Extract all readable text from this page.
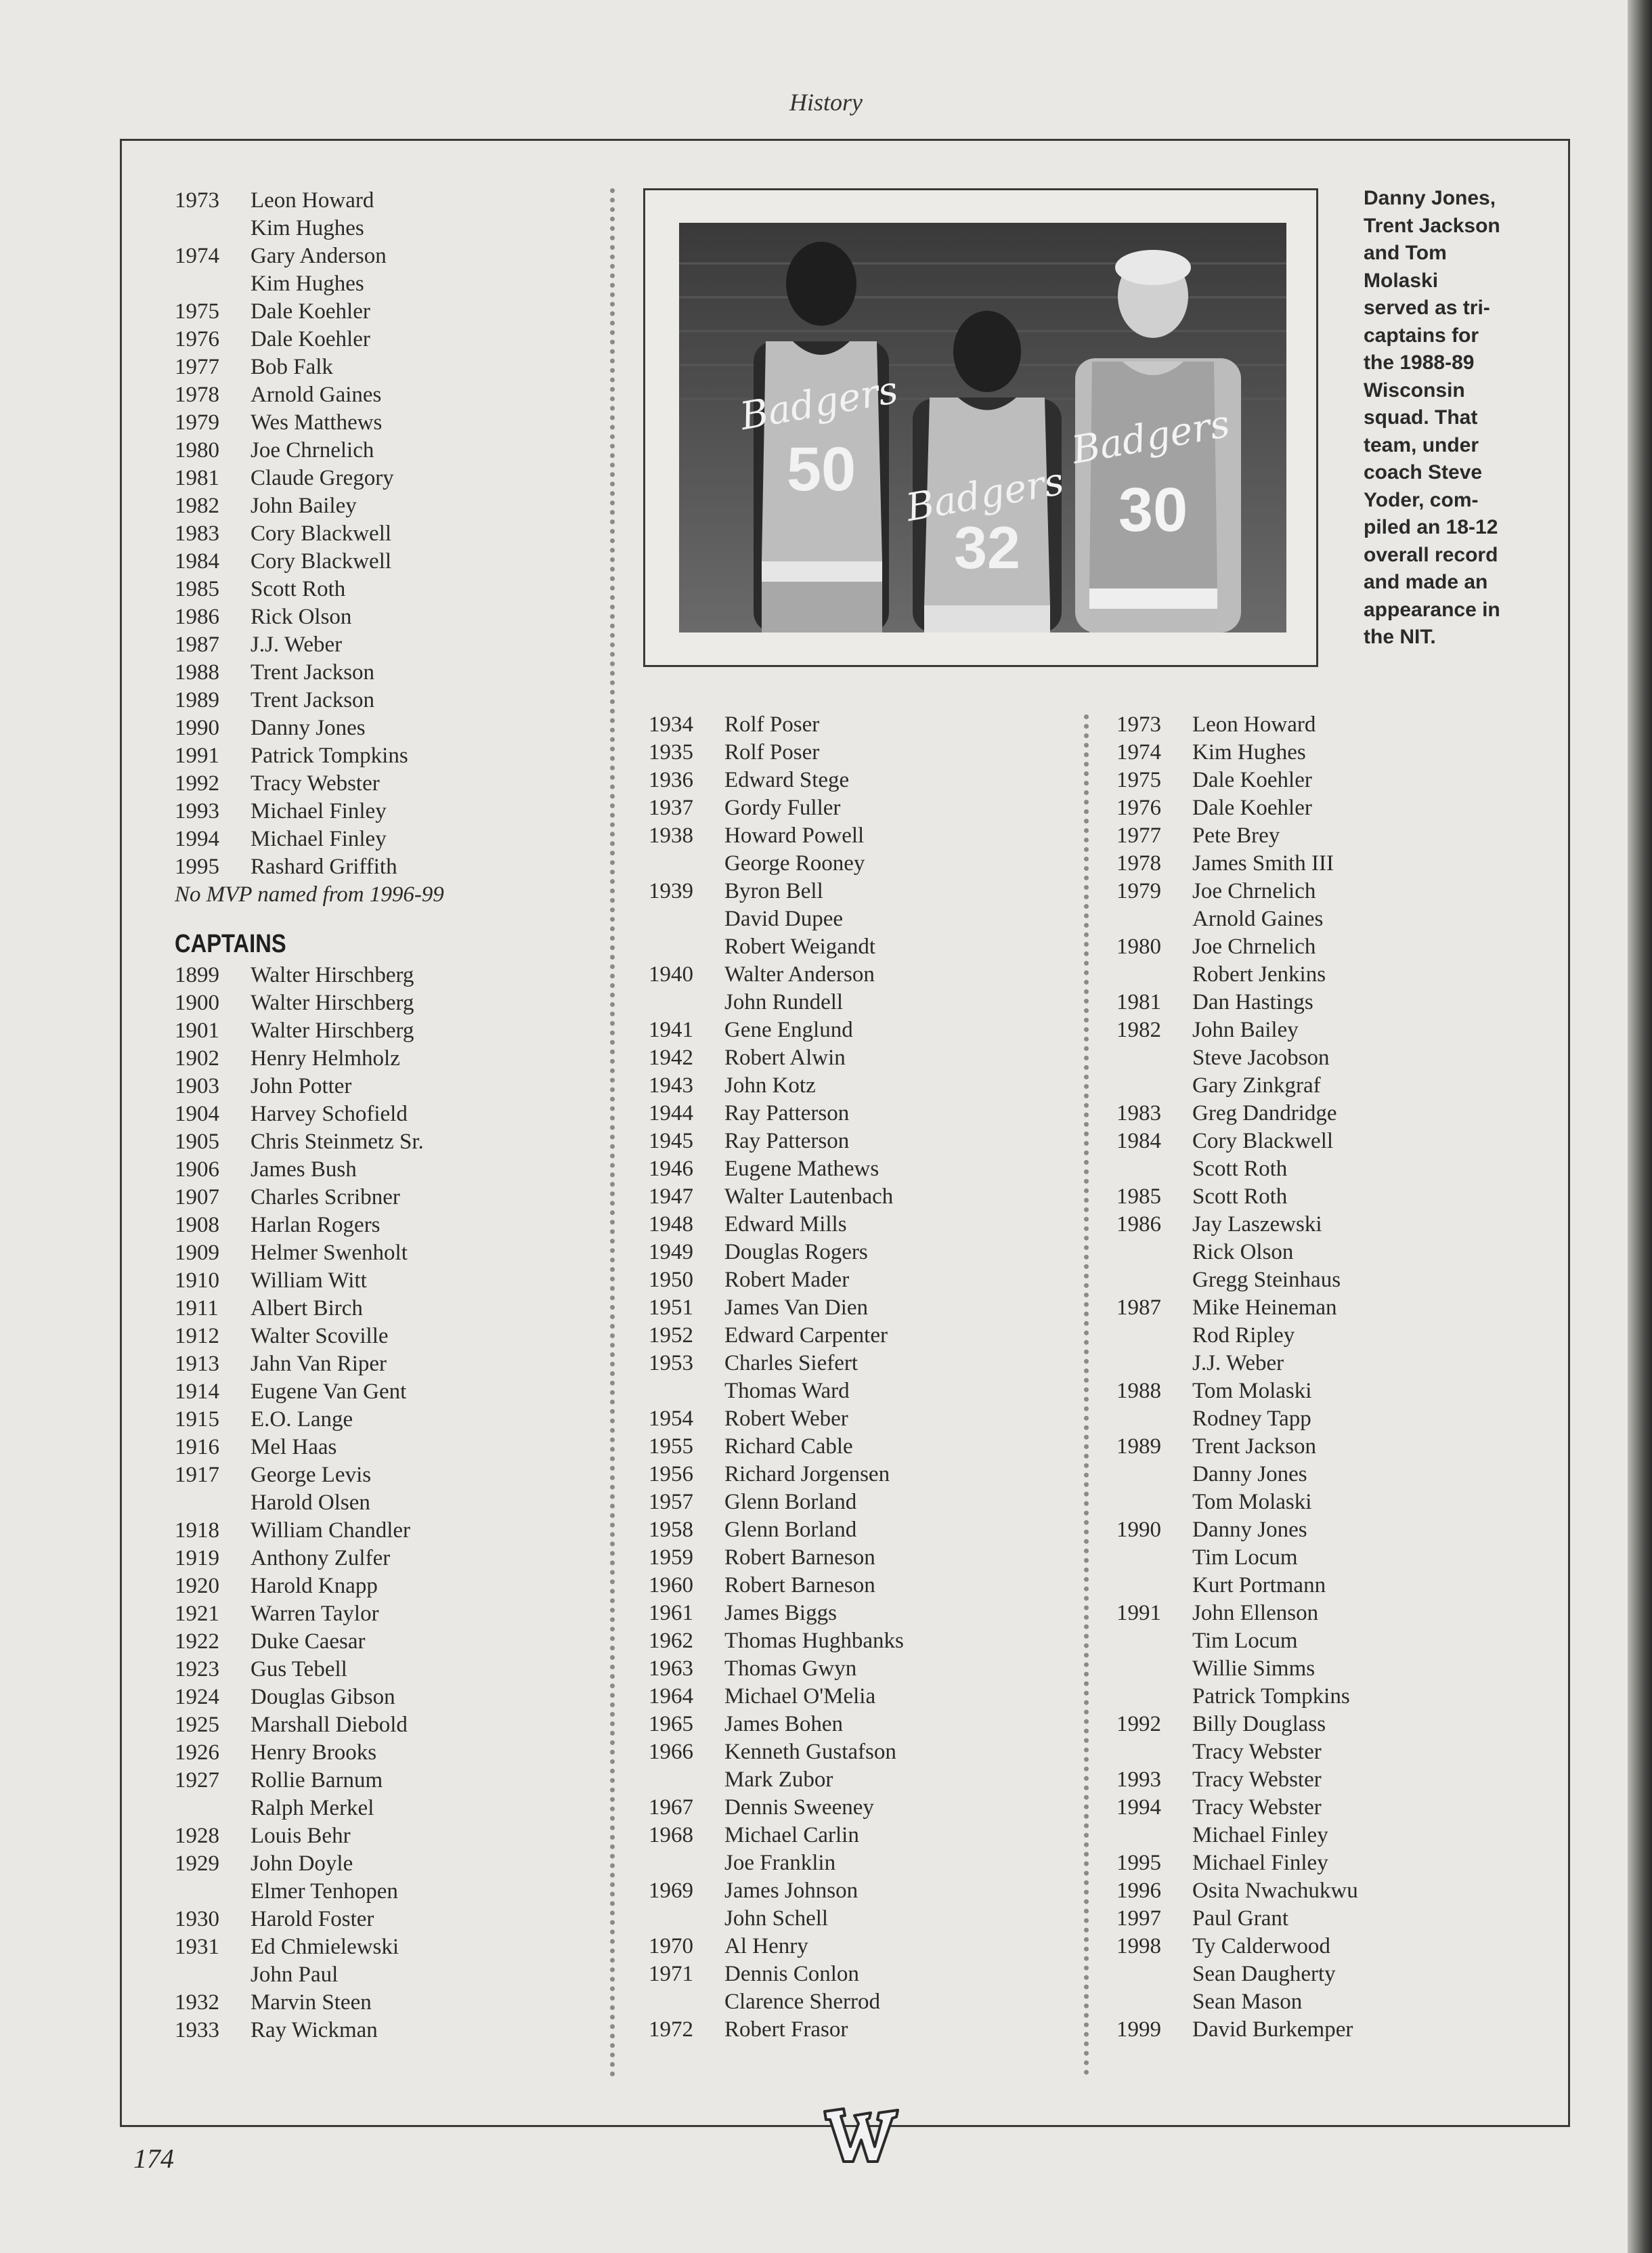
History
1973	Leon Howard
Kim Hughes
1974	Gary Anderson
Kim Hughes
1975	Dale Koehler
1976	Dale Koehler
1977	Bob Falk
1978	Arnold Gaines
1979	Wes Matthews
1980	Joe Chrnelich
1981	Claude Gregory
1982	John Bailey
1983	Cory Blackwell
1984	Cory Blackwell
1985	Scott Roth
1986	Rick Olson
1987	J.J. Weber
1988	Trent Jackson
1989	Trent Jackson
1990	Danny Jones
1991	Patrick Tompkins
1992	Tracy Webster
1993	Michael Finley
1994	Michael Finley
1995	Rashard Griffith
No MVP named from 1996-99
CAPTAINS
1899	Walter Hirschberg
1900	Walter Hirschberg
1901	Walter Hirschberg
1902	Henry Helmholz
1903	John Potter
1904	Harvey Schofield
1905	Chris Steinmetz Sr.
1906	James Bush
1907	Charles Scribner
1908	Harlan Rogers
1909	Helmer Swenholt
1910	William Witt
1911	Albert Birch
1912	Walter Scoville
1913	Jahn Van Riper
1914	Eugene Van Gent
1915	E.O. Lange
1916	Mel Haas
1917	George Levis
Harold Olsen
1918	William Chandler
1919	Anthony Zulfer
1920	Harold Knapp
1921	Warren Taylor
1922	Duke Caesar
1923	Gus Tebell
1924	Douglas Gibson
1925	Marshall Diebold
1926	Henry Brooks
1927	Rollie Barnum
Ralph Merkel
1928	Louis Behr
1929	John Doyle
Elmer Tenhopen
1930	Harold Foster
1931	Ed Chmielewski
John Paul
1932	Marvin Steen
1933	Ray Wickman
50
Badgers
32
Badgers 30
Badgers
Danny Jones,
Trent Jackson
and Tom
Molaski
served as tri-
captains for
the 1988-89
Wisconsin
squad. That
team, under
coach Steve
Yoder, com-
piled an 18-12
overall record
and made an
appearance in
the NIT.
1934	Rolf Poser
1935	Rolf Poser
1936	Edward Stege
1937	Gordy Fuller
1938	Howard Powell
George Rooney
1939	Byron Bell
David Dupee
Robert Weigandt
1940	Walter Anderson
John Rundell
1941	Gene Englund
1942	Robert Alwin
1943	John Kotz
1944	Ray Patterson
1945	Ray Patterson
1946	Eugene Mathews
1947	Walter Lautenbach
1948	Edward Mills
1949	Douglas Rogers
1950	Robert Mader
1951	James Van Dien
1952	Edward Carpenter
1953	Charles Siefert
Thomas Ward
1954	Robert Weber
1955	Richard Cable
1956	Richard Jorgensen
1957	Glenn Borland
1958	Glenn Borland
1959	Robert Barneson
1960	Robert Barneson
1961	James Biggs
1962	Thomas Hughbanks
1963	Thomas Gwyn
1964	Michael O'Melia
1965	James Bohen
1966	Kenneth Gustafson
Mark Zubor
1967	Dennis Sweeney
1968	Michael Carlin
Joe Franklin
1969	James Johnson
John Schell
1970	Al Henry
1971	Dennis Conlon
Clarence Sherrod
1972	Robert Frasor
1973	Leon Howard
1974	Kim Hughes
1975	Dale Koehler
1976	Dale Koehler
1977	Pete Brey
1978	James Smith III
1979	Joe Chrnelich
Arnold Gaines
1980	Joe Chrnelich
Robert Jenkins
1981	Dan Hastings
1982	John Bailey
Steve Jacobson
Gary Zinkgraf
1983	Greg Dandridge
1984	Cory Blackwell
Scott Roth
1985	Scott Roth
1986	Jay Laszewski
Rick Olson
Gregg Steinhaus
1987	Mike Heineman
Rod Ripley
J.J. Weber
1988	Tom Molaski
Rodney Tapp
1989	Trent Jackson
Danny Jones
Tom Molaski
1990	Danny Jones
Tim Locum
Kurt Portmann
1991	John Ellenson
Tim Locum
Willie Simms
Patrick Tompkins
1992	Billy Douglass
Tracy Webster
1993	Tracy Webster
1994	Tracy Webster
Michael Finley
1995	Michael Finley
1996	Osita Nwachukwu
1997	Paul Grant
1998	Ty Calderwood
Sean Daugherty
Sean Mason
1999	David Burkemper
174
